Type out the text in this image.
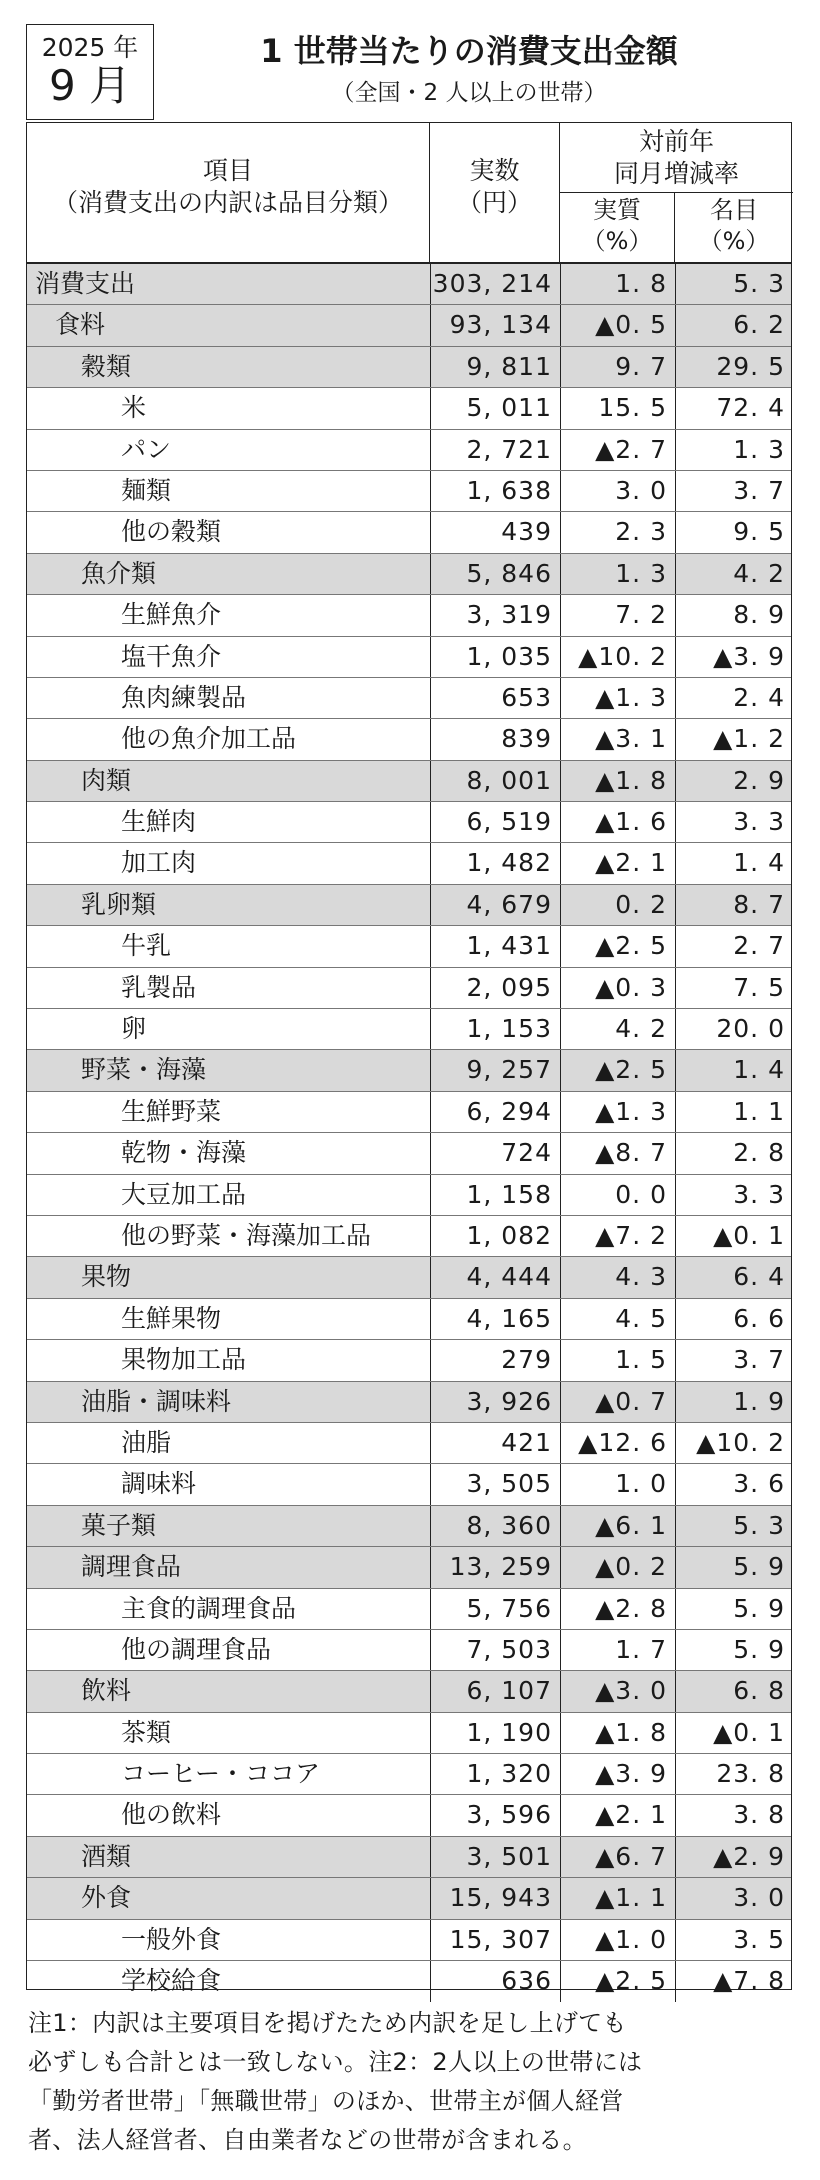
2025 年
9 月
1 世帯当たりの消費支出金額
（全国・2 人以上の世帯）
項目
（消費支出の内訳は品目分類）
実数
（円）
対前年
同月増減率
実質
（%）
名目
（%）
消費支出	303, 214	1. 8	5. 3
食料	93, 134	▲0. 5	6. 2
穀類	9, 811	9. 7	29. 5
米	5, 011	15. 5	72. 4
パン	2, 721	▲2. 7	1. 3
麺類	1, 638	3. 0	3. 7
他の穀類	439	2. 3	9. 5
魚介類	5, 846	1. 3	4. 2
生鮮魚介	3, 319	7. 2	8. 9
塩干魚介	1, 035	▲10. 2	▲3. 9
魚肉練製品	653	▲1. 3	2. 4
他の魚介加工品	839	▲3. 1	▲1. 2
肉類	8, 001	▲1. 8	2. 9
生鮮肉	6, 519	▲1. 6	3. 3
加工肉	1, 482	▲2. 1	1. 4
乳卵類	4, 679	0. 2	8. 7
牛乳	1, 431	▲2. 5	2. 7
乳製品	2, 095	▲0. 3	7. 5
卵	1, 153	4. 2	20. 0
野菜・海藻	9, 257	▲2. 5	1. 4
生鮮野菜	6, 294	▲1. 3	1. 1
乾物・海藻	724	▲8. 7	2. 8
大豆加工品	1, 158	0. 0	3. 3
他の野菜・海藻加工品	1, 082	▲7. 2	▲0. 1
果物	4, 444	4. 3	6. 4
生鮮果物	4, 165	4. 5	6. 6
果物加工品	279	1. 5	3. 7
油脂・調味料	3, 926	▲0. 7	1. 9
油脂	421	▲12. 6	▲10. 2
調味料	3, 505	1. 0	3. 6
菓子類	8, 360	▲6. 1	5. 3
調理食品	13, 259	▲0. 2	5. 9
主食的調理食品	5, 756	▲2. 8	5. 9
他の調理食品	7, 503	1. 7	5. 9
飲料	6, 107	▲3. 0	6. 8
茶類	1, 190	▲1. 8	▲0. 1
コーヒー・ココア	1, 320	▲3. 9	23. 8
他の飲料	3, 596	▲2. 1	3. 8
酒類	3, 501	▲6. 7	▲2. 9
外食	15, 943	▲1. 1	3. 0
一般外食	15, 307	▲1. 0	3. 5
学校給食	636	▲2. 5	▲7. 8
注1：内訳は主要項目を掲げたため内訳を足し上げても
必ずしも合計とは一致しない。注2：2人以上の世帯には
「勤労者世帯」「無職世帯」のほか、世帯主が個人経営
者、法人経営者、自由業者などの世帯が含まれる。
